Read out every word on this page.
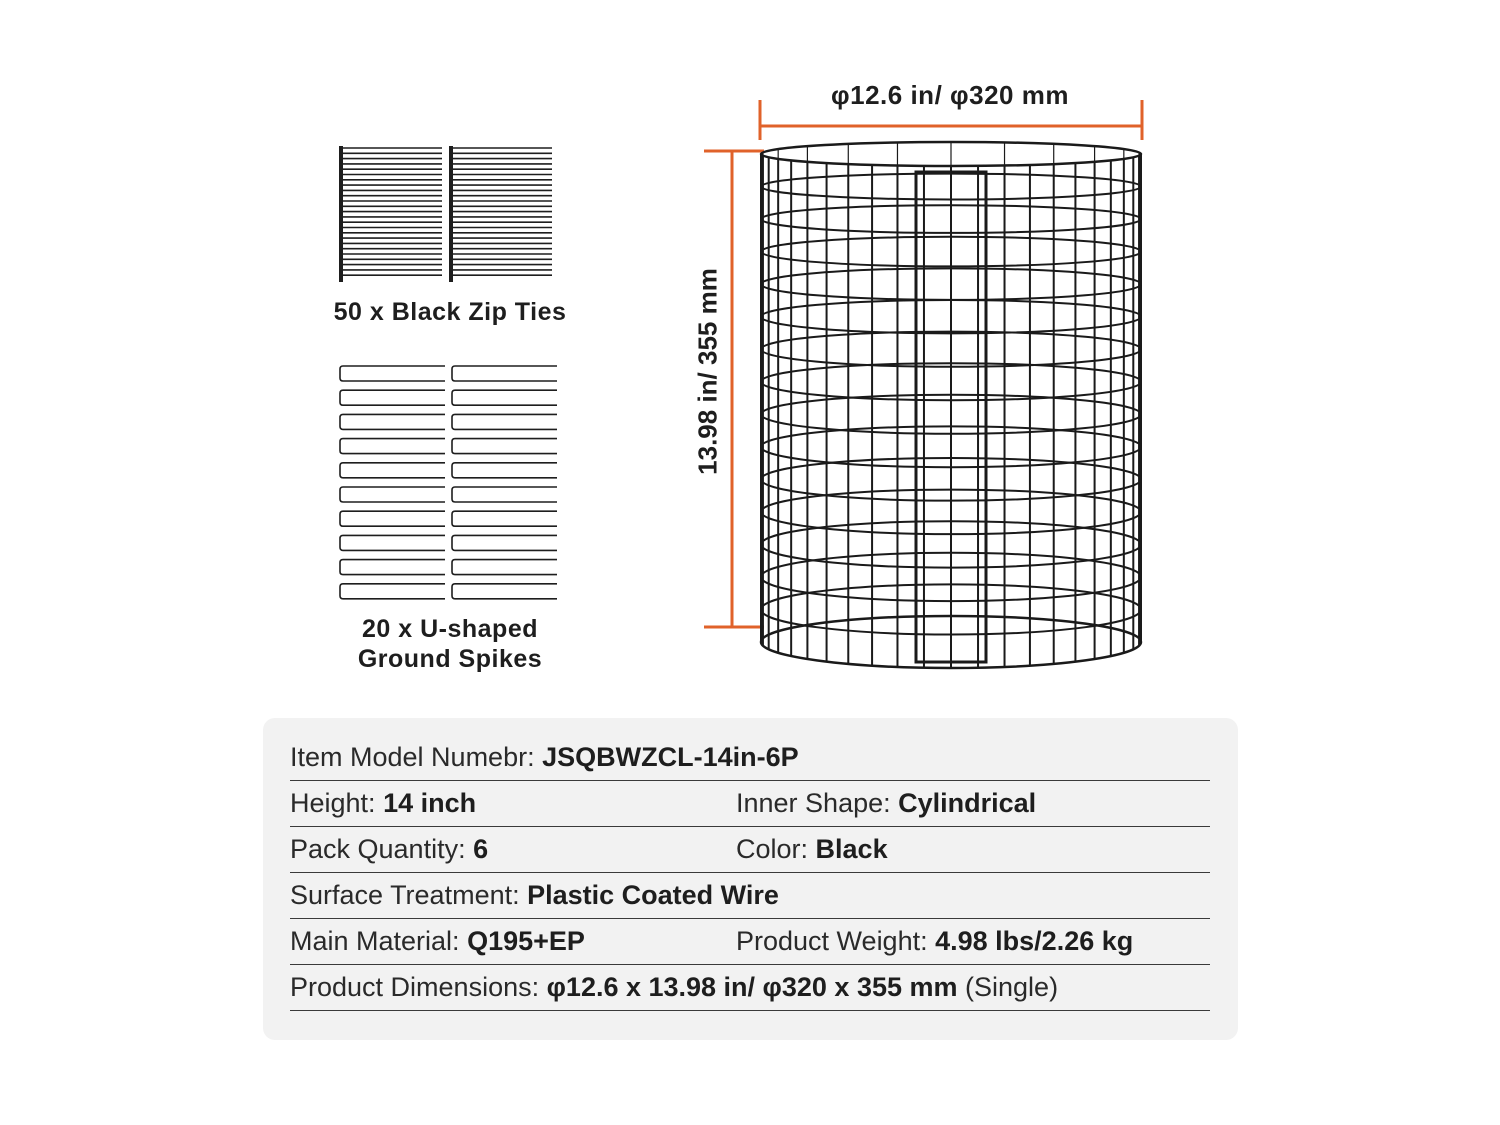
50 x Black Zip Ties
20 x U-shaped
Ground Spikes
φ12.6 in/ φ320 mm
13.98 in/ 355 mm
Item Model Numebr: JSQBWZCL-14in-6P
Height: 14 inch	Inner Shape: Cylindrical
Pack Quantity: 6	Color: Black
Surface Treatment: Plastic Coated Wire
Main Material: Q195+EP	Product Weight: 4.98 lbs/2.26 kg
Product Dimensions: φ12.6 x 13.98 in/ φ320 x 355 mm (Single)
